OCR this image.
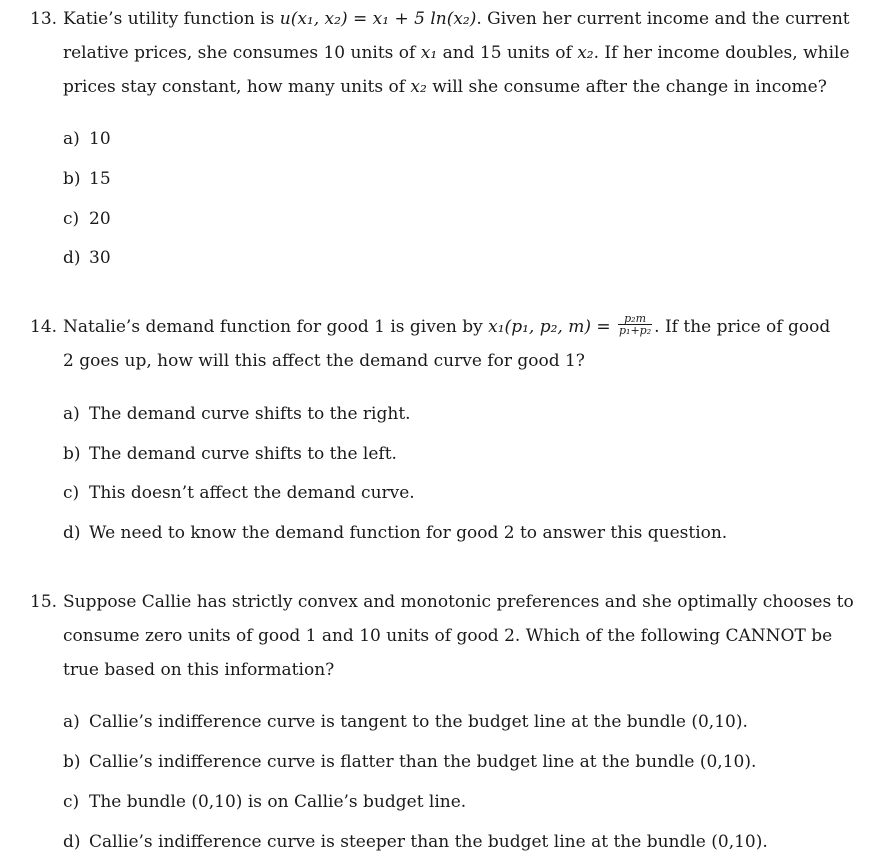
13. Katie’s utility function is u(x₁, x₂) = x₁ + 5 ln(x₂). Given her current income and the current
relative prices, she consumes 10 units of x₁ and 15 units of x₂. If her income doubles, while
prices stay constant, how many units of x₂ will she consume after the change in income?
a) 10
b) 15
c) 20
d) 30
14. Natalie’s demand function for good 1 is given by x₁(p₁, p₂, $m) = \frac{\text{p₂m}}{\text{p₁+p₂}}$ . If the price of good
2 goes up, how will this affect the demand curve for good 1?
a) The demand curve shifts to the right.
b) The demand curve shifts to the left.
c) This doesn’t affect the demand curve.
d) We need to know the demand function for good 2 to answer this question.
15. Suppose Callie has strictly convex and monotonic preferences and she optimally chooses to
consume zero units of good 1 and 10 units of good 2. Which of the following CANNOT be
true based on this information?
a) Callie’s indifference curve is tangent to the budget line at the bundle (0,10).
b) Callie’s indifference curve is flatter than the budget line at the bundle (0,10).
c) The bundle (0,10) is on Callie’s budget line.
d) Callie’s indifference curve is steeper than the budget line at the bundle (0,10).
